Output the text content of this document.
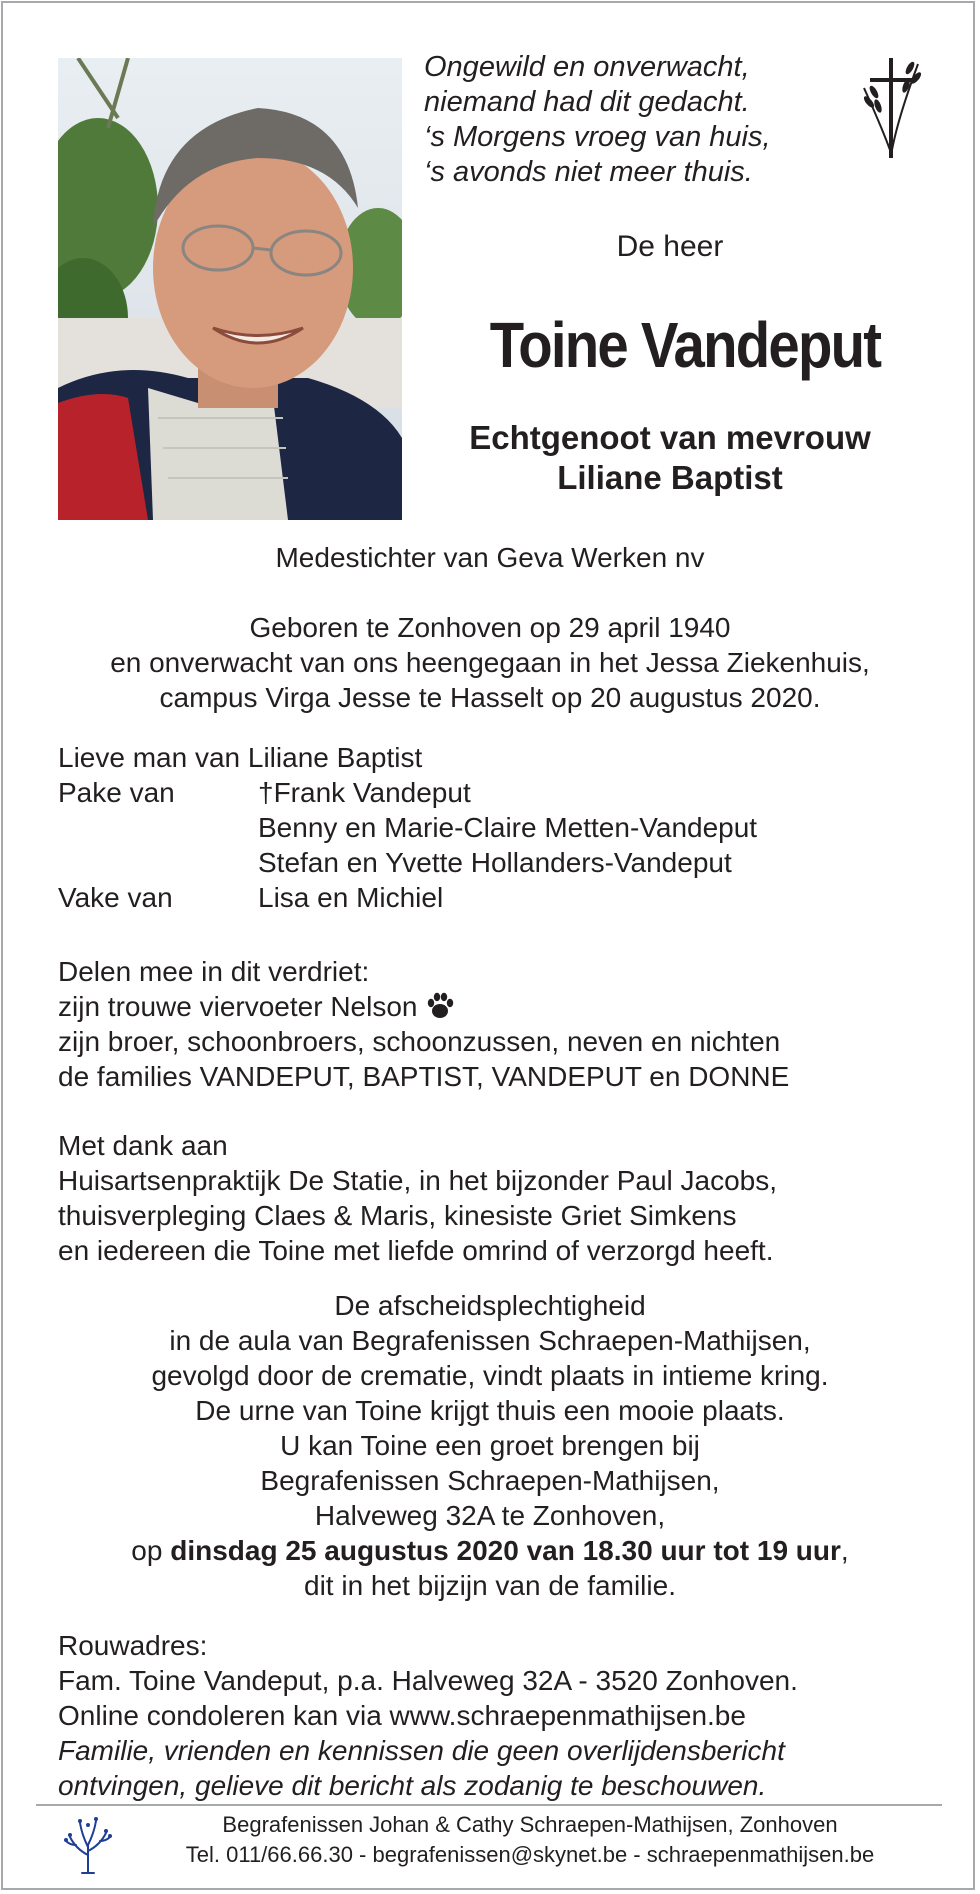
Ongewild en onverwacht,
niemand had dit gedacht.
‘s Morgens vroeg van huis,
‘s avonds niet meer thuis.
De heer
Toine Vandeput
Echtgenoot van mevrouw
Liliane Baptist
Medestichter van Geva Werken nv
Geboren te Zonhoven op 29 april 1940
en onverwacht van ons heengegaan in het Jessa Ziekenhuis,
campus Virga Jesse te Hasselt op 20 augustus 2020.
Lieve man van Liliane Baptist
Pake van	†Frank Vandeput
Benny en Marie-Claire Metten-Vandeput
Stefan en Yvette Hollanders-Vandeput
Vake van	Lisa en Michiel
Delen mee in dit verdriet:
zijn trouwe viervoeter Nelson
zijn broer, schoonbroers, schoonzussen, neven en nichten
de families VANDEPUT, BAPTIST, VANDEPUT en DONNE
Met dank aan
Huisartsenpraktijk De Statie, in het bijzonder Paul Jacobs,
thuisverpleging Claes & Maris, kinesiste Griet Simkens
en iedereen die Toine met liefde omrind of verzorgd heeft.
De afscheidsplechtigheid
in de aula van Begrafenissen Schraepen-Mathijsen,
gevolgd door de crematie, vindt plaats in intieme kring.
De urne van Toine krijgt thuis een mooie plaats.
U kan Toine een groet brengen bij
Begrafenissen Schraepen-Mathijsen,
Halveweg 32A te Zonhoven,
op dinsdag 25 augustus 2020 van 18.30 uur tot 19 uur,
dit in het bijzijn van de familie.
Rouwadres:
Fam. Toine Vandeput, p.a. Halveweg 32A - 3520 Zonhoven.
Online condoleren kan via www.schraepenmathijsen.be
Familie, vrienden en kennissen die geen overlijdensbericht
ontvingen, gelieve dit bericht als zodanig te beschouwen.
Begrafenissen Johan & Cathy Schraepen-Mathijsen, Zonhoven
Tel. 011/66.66.30 - begrafenissen@skynet.be - schraepenmathijsen.be
